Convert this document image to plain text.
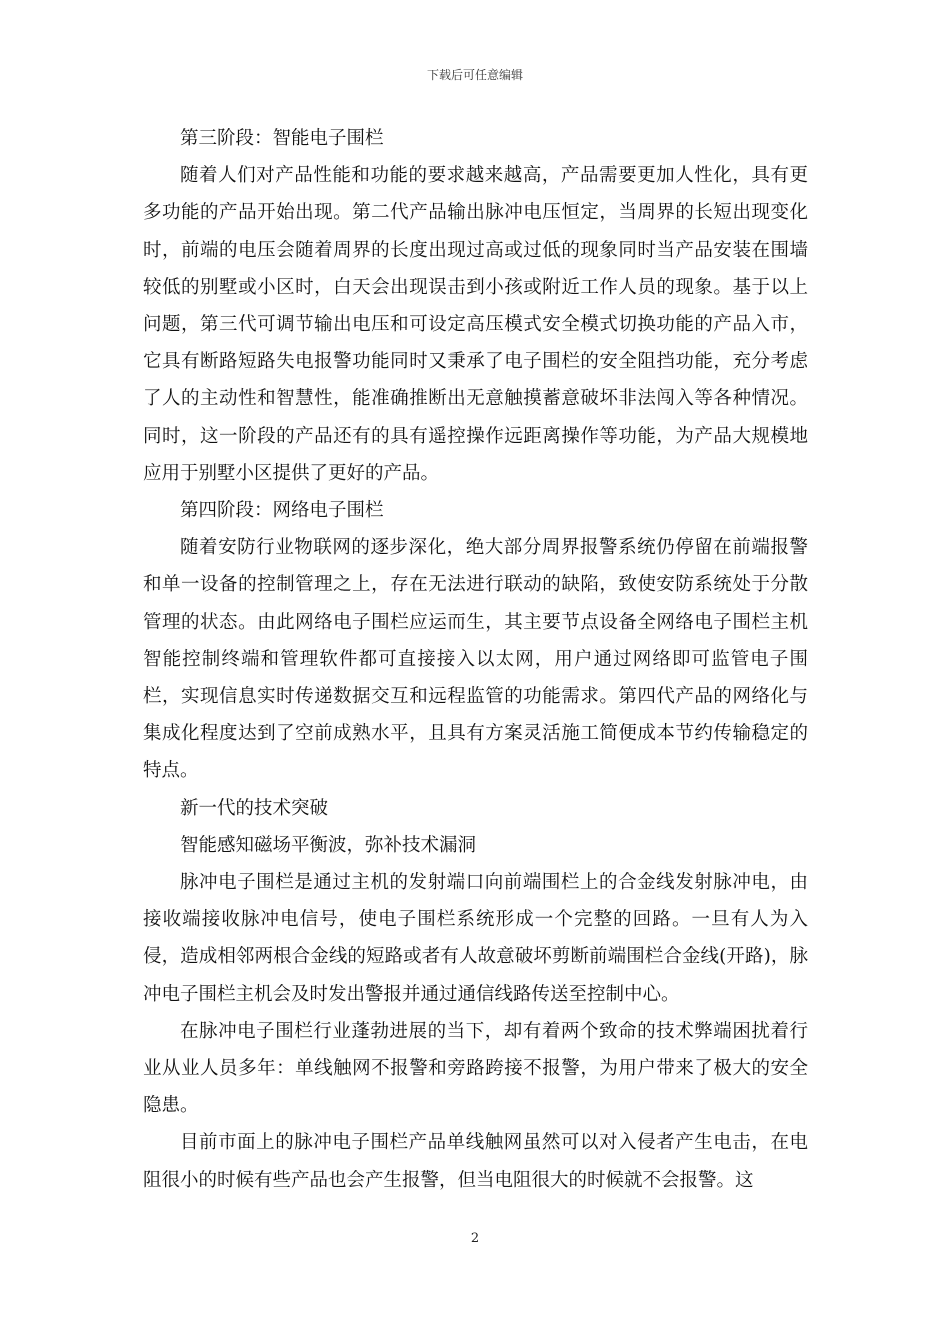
下载后可任意编辑

第三阶段：智能电子围栏

随着人们对产品性能和功能的要求越来越高，产品需要更加人性化，具有更多功能的产品开始出现。第二代产品输出脉冲电压恒定，当周界的长短出现变化时，前端的电压会随着周界的长度出现过高或过低的现象同时当产品安装在围墙较低的别墅或小区时，白天会出现误击到小孩或附近工作人员的现象。基于以上问题，第三代可调节输出电压和可设定高压模式安全模式切换功能的产品入市，它具有断路短路失电报警功能同时又秉承了电子围栏的安全阻挡功能，充分考虑了人的主动性和智慧性，能准确推断出无意触摸蓄意破坏非法闯入等各种情况。同时，这一阶段的产品还有的具有遥控操作远距离操作等功能，为产品大规模地应用于别墅小区提供了更好的产品。

第四阶段：网络电子围栏

随着安防行业物联网的逐步深化，绝大部分周界报警系统仍停留在前端报警和单一设备的控制管理之上，存在无法进行联动的缺陷，致使安防系统处于分散管理的状态。由此网络电子围栏应运而生，其主要节点设备全网络电子围栏主机智能控制终端和管理软件都可直接接入以太网，用户通过网络即可监管电子围栏，实现信息实时传递数据交互和远程监管的功能需求。第四代产品的网络化与集成化程度达到了空前成熟水平，且具有方案灵活施工简便成本节约传输稳定的特点。

新一代的技术突破

智能感知磁场平衡波，弥补技术漏洞

脉冲电子围栏是通过主机的发射端口向前端围栏上的合金线发射脉冲电，由接收端接收脉冲电信号，使电子围栏系统形成一个完整的回路。一旦有人为入侵，造成相邻两根合金线的短路或者有人故意破坏剪断前端围栏合金线(开路)，脉冲电子围栏主机会及时发出警报并通过通信线路传送至控制中心。

在脉冲电子围栏行业蓬勃进展的当下，却有着两个致命的技术弊端困扰着行业从业人员多年：单线触网不报警和旁路跨接不报警，为用户带来了极大的安全隐患。

目前市面上的脉冲电子围栏产品单线触网虽然可以对入侵者产生电击，在电阻很小的时候有些产品也会产生报警，但当电阻很大的时候就不会报警。这

2
